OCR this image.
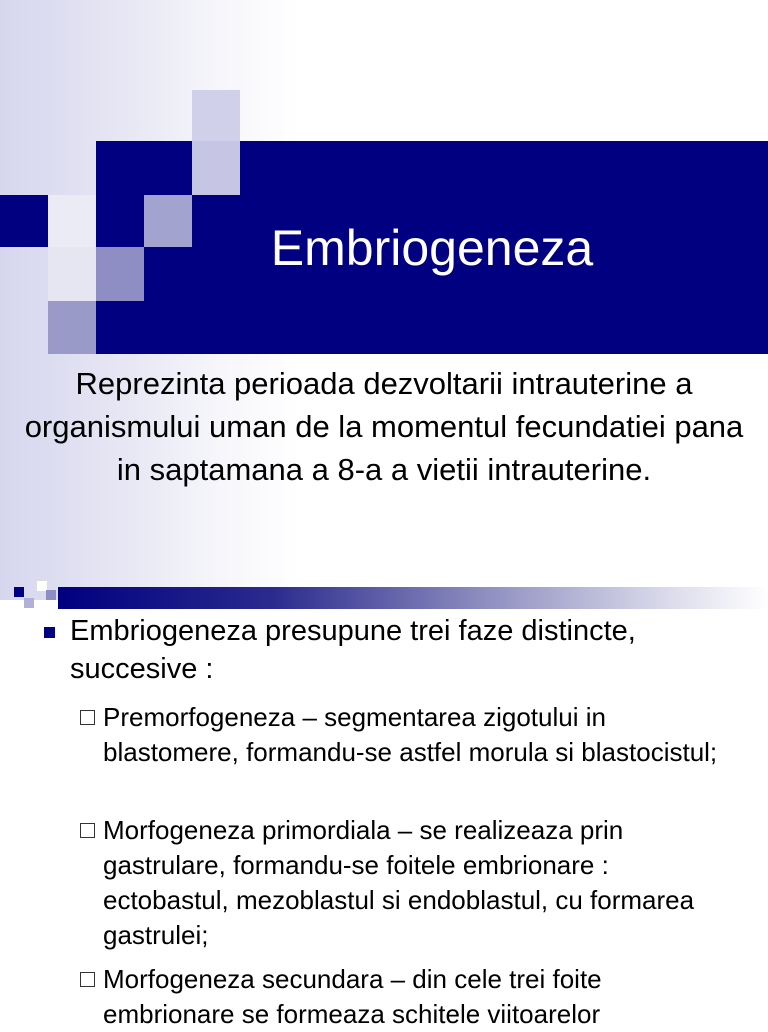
Embriogeneza
Reprezinta perioada dezvoltarii intrauterine a organismului uman de la momentul fecundatiei pana in saptamana a 8-a a vietii intrauterine.
Embriogeneza presupune trei faze distincte, succesive :
Premorfogeneza – segmentarea zigotului in blastomere, formandu-se astfel morula si blastocistul;
Morfogeneza primordiala – se realizeaza prin gastrulare, formandu-se foitele embrionare : ectobastul, mezoblastul si endoblastul, cu formarea gastrulei;
Morfogeneza secundara – din cele trei foite embrionare se formeaza schitele viitoarelor
